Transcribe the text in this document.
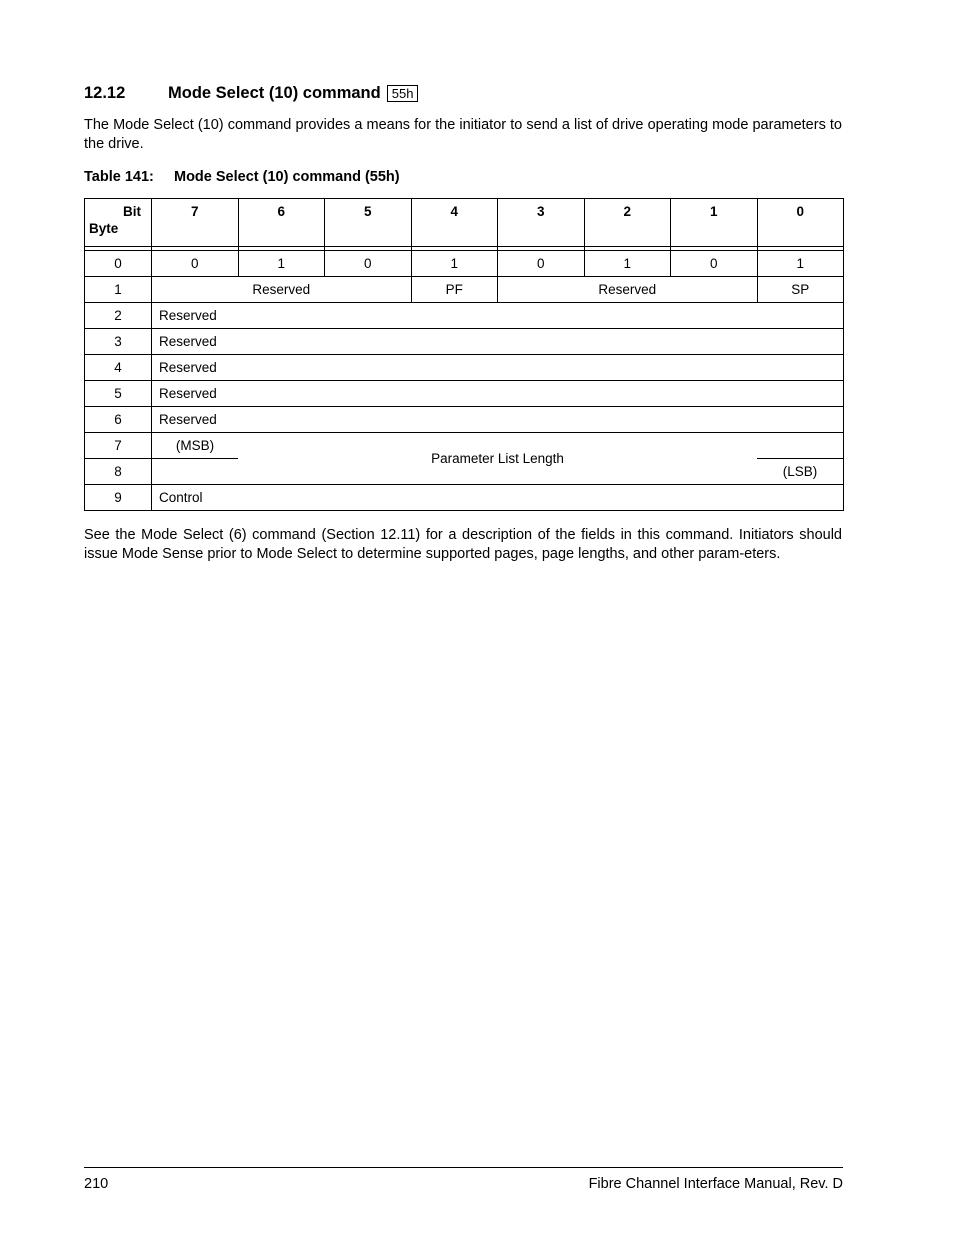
12.12	Mode Select (10) command 55h

The Mode Select (10) command provides a means for the initiator to send a list of drive operating mode parameters to the drive.

Table 141: Mode Select (10) command (55h)
Bit
Byte	7	6	5	4	3	2	1	0

0	0	1	0	1	0	1	0	1
1	Reserved			PF	Reserved			SP
2	Reserved							
3	Reserved							
4	Reserved							
5	Reserved							
6	Reserved							
7	(MSB)	Parameter List Length						
8								(LSB)
9	Control							

See the Mode Select (6) command (Section 12.11) for a description of the fields in this command. Initiators should issue Mode Sense prior to Mode Select to determine supported pages, page lengths, and other param-eters.

210	Fibre Channel Interface Manual, Rev. D
